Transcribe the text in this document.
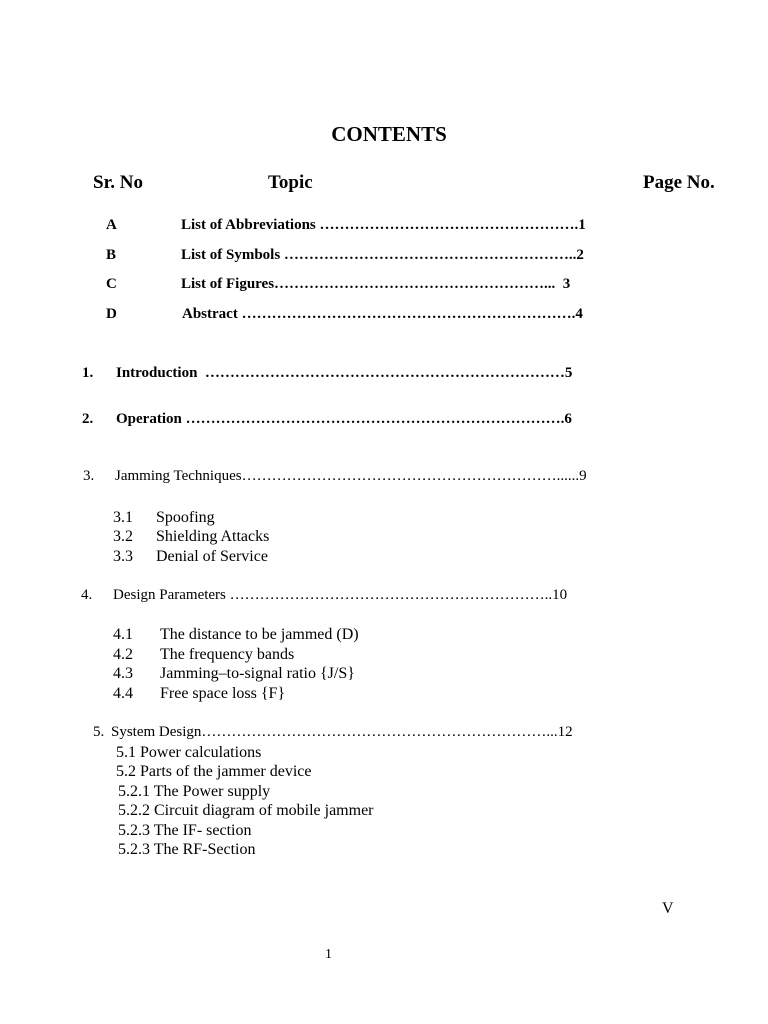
CONTENTS
Sr. No	Topic	Page No.
A	List of Abbreviations …………………………………………….1
B	List of Symbols …………………………………………………..2
C	List of Figures………………………………………………...  3
D	Abstract ………………………………………………………….4
1. Introduction  ………………………………………………………………5
2. Operation ………………………………………………………………….6
3. Jamming Techniques………………………………………………………......9
3.1 Spoofing
3.2 Shielding Attacks
3.3 Denial of Service
4. Design Parameters ………………………………………………………..10
4.1 The distance to be jammed (D)
4.2 The frequency bands
4.3 Jamming–to-signal ratio {J/S}
4.4 Free space loss {F}
5. System Design……………………………………………………………...12
5.1 Power calculations
5.2 Parts of the jammer device
5.2.1 The Power supply
5.2.2 Circuit diagram of mobile jammer
5.2.3 The IF- section
5.2.3 The RF-Section
V
1
